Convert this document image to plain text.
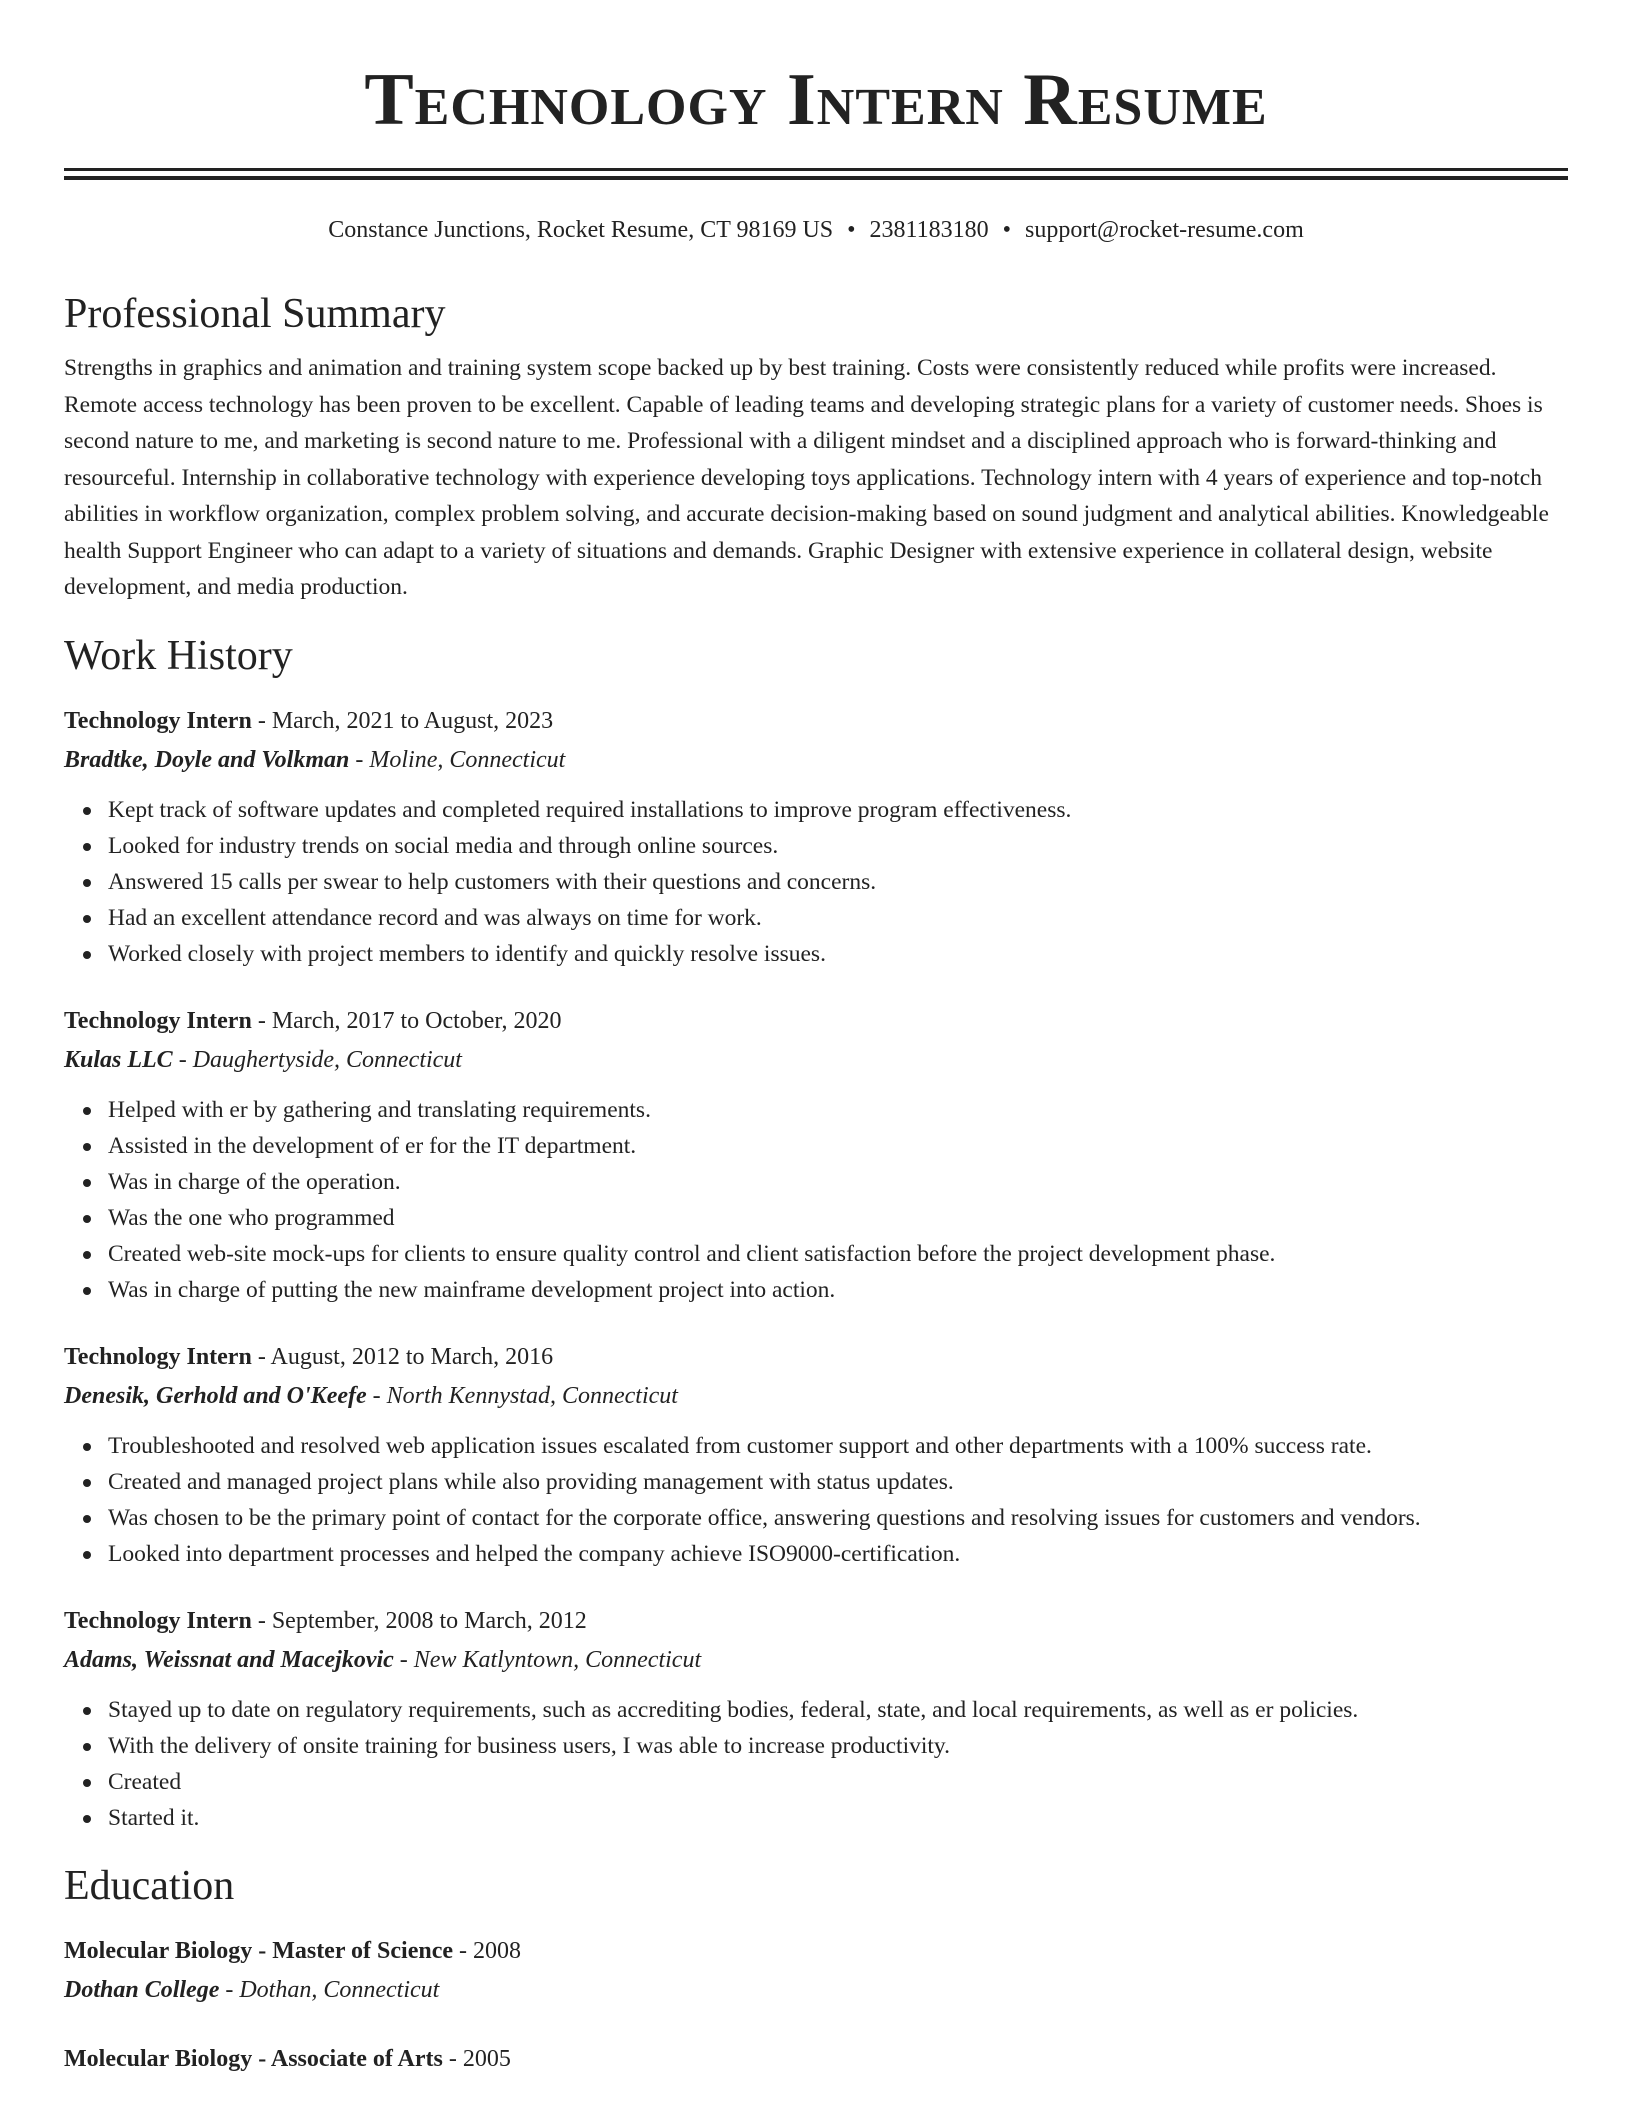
Technology Intern Resume
Constance Junctions, Rocket Resume, CT 98169 US • 2381183180 • support@rocket-resume.com
Professional Summary

Strengths in graphics and animation and training system scope backed up by best training. Costs were consistently reduced while profits were increased. Remote access technology has been proven to be excellent. Capable of leading teams and developing strategic plans for a variety of customer needs. Shoes is second nature to me, and marketing is second nature to me. Professional with a diligent mindset and a disciplined approach who is forward-thinking and resourceful. Internship in collaborative technology with experience developing toys applications. Technology intern with 4 years of experience and top-notch abilities in workflow organization, complex problem solving, and accurate decision-making based on sound judgment and analytical abilities. Knowledgeable health Support Engineer who can adapt to a variety of situations and demands. Graphic Designer with extensive experience in collateral design, website development, and media production.

Work History
Technology Intern - March, 2021 to August, 2023
Bradtke, Doyle and Volkman - Moline, Connecticut
Kept track of software updates and completed required installations to improve program effectiveness.
Looked for industry trends on social media and through online sources.
Answered 15 calls per swear to help customers with their questions and concerns.
Had an excellent attendance record and was always on time for work.
Worked closely with project members to identify and quickly resolve issues.
Technology Intern - March, 2017 to October, 2020
Kulas LLC - Daughertyside, Connecticut
Helped with er by gathering and translating requirements.
Assisted in the development of er for the IT department.
Was in charge of the operation.
Was the one who programmed
Created web-site mock-ups for clients to ensure quality control and client satisfaction before the project development phase.
Was in charge of putting the new mainframe development project into action.
Technology Intern - August, 2012 to March, 2016
Denesik, Gerhold and O'Keefe - North Kennystad, Connecticut
Troubleshooted and resolved web application issues escalated from customer support and other departments with a 100% success rate.
Created and managed project plans while also providing management with status updates.
Was chosen to be the primary point of contact for the corporate office, answering questions and resolving issues for customers and vendors.
Looked into department processes and helped the company achieve ISO9000-certification.
Technology Intern - September, 2008 to March, 2012
Adams, Weissnat and Macejkovic - New Katlyntown, Connecticut
Stayed up to date on regulatory requirements, such as accrediting bodies, federal, state, and local requirements, as well as er policies.
With the delivery of onsite training for business users, I was able to increase productivity.
Created
Started it.
Education
Molecular Biology - Master of Science - 2008
Dothan College - Dothan, Connecticut
Molecular Biology - Associate of Arts - 2005
